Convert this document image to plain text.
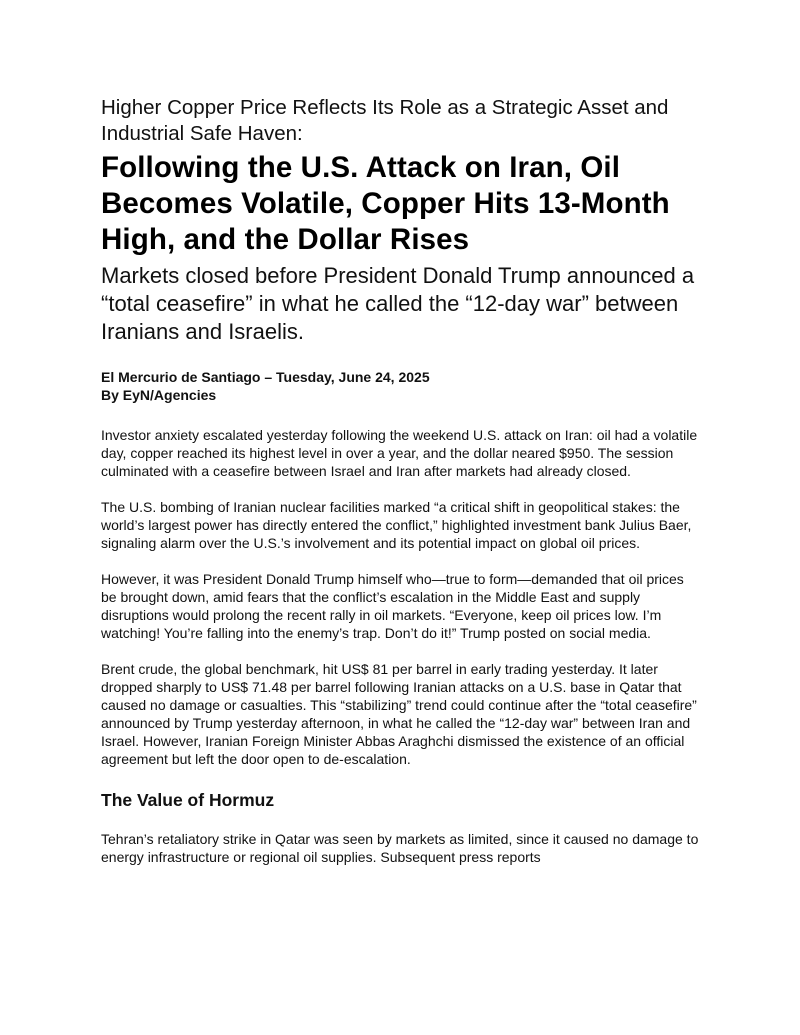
Higher Copper Price Reflects Its Role as a Strategic Asset and Industrial Safe Haven:
Following the U.S. Attack on Iran, Oil Becomes Volatile, Copper Hits 13-Month High, and the Dollar Rises

Markets closed before President Donald Trump announced a “total ceasefire” in what he called the “12-day war” between Iranians and Israelis.

El Mercurio de Santiago – Tuesday, June 24, 2025
By EyN/Agencies

Investor anxiety escalated yesterday following the weekend U.S. attack on Iran: oil had a volatile day, copper reached its highest level in over a year, and the dollar neared $950. The session culminated with a ceasefire between Israel and Iran after markets had already closed.

The U.S. bombing of Iranian nuclear facilities marked “a critical shift in geopolitical stakes: the world’s largest power has directly entered the conflict,” highlighted investment bank Julius Baer, signaling alarm over the U.S.’s involvement and its potential impact on global oil prices.

However, it was President Donald Trump himself who—true to form—demanded that oil prices be brought down, amid fears that the conflict’s escalation in the Middle East and supply disruptions would prolong the recent rally in oil markets. “Everyone, keep oil prices low. I’m watching! You’re falling into the enemy’s trap. Don’t do it!” Trump posted on social media.

Brent crude, the global benchmark, hit US$ 81 per barrel in early trading yesterday. It later dropped sharply to US$ 71.48 per barrel following Iranian attacks on a U.S. base in Qatar that caused no damage or casualties. This “stabilizing” trend could continue after the “total ceasefire” announced by Trump yesterday afternoon, in what he called the “12-day war” between Iran and Israel. However, Iranian Foreign Minister Abbas Araghchi dismissed the existence of an official agreement but left the door open to de-escalation.

The Value of Hormuz

Tehran’s retaliatory strike in Qatar was seen by markets as limited, since it caused no damage to energy infrastructure or regional oil supplies. Subsequent press reports
